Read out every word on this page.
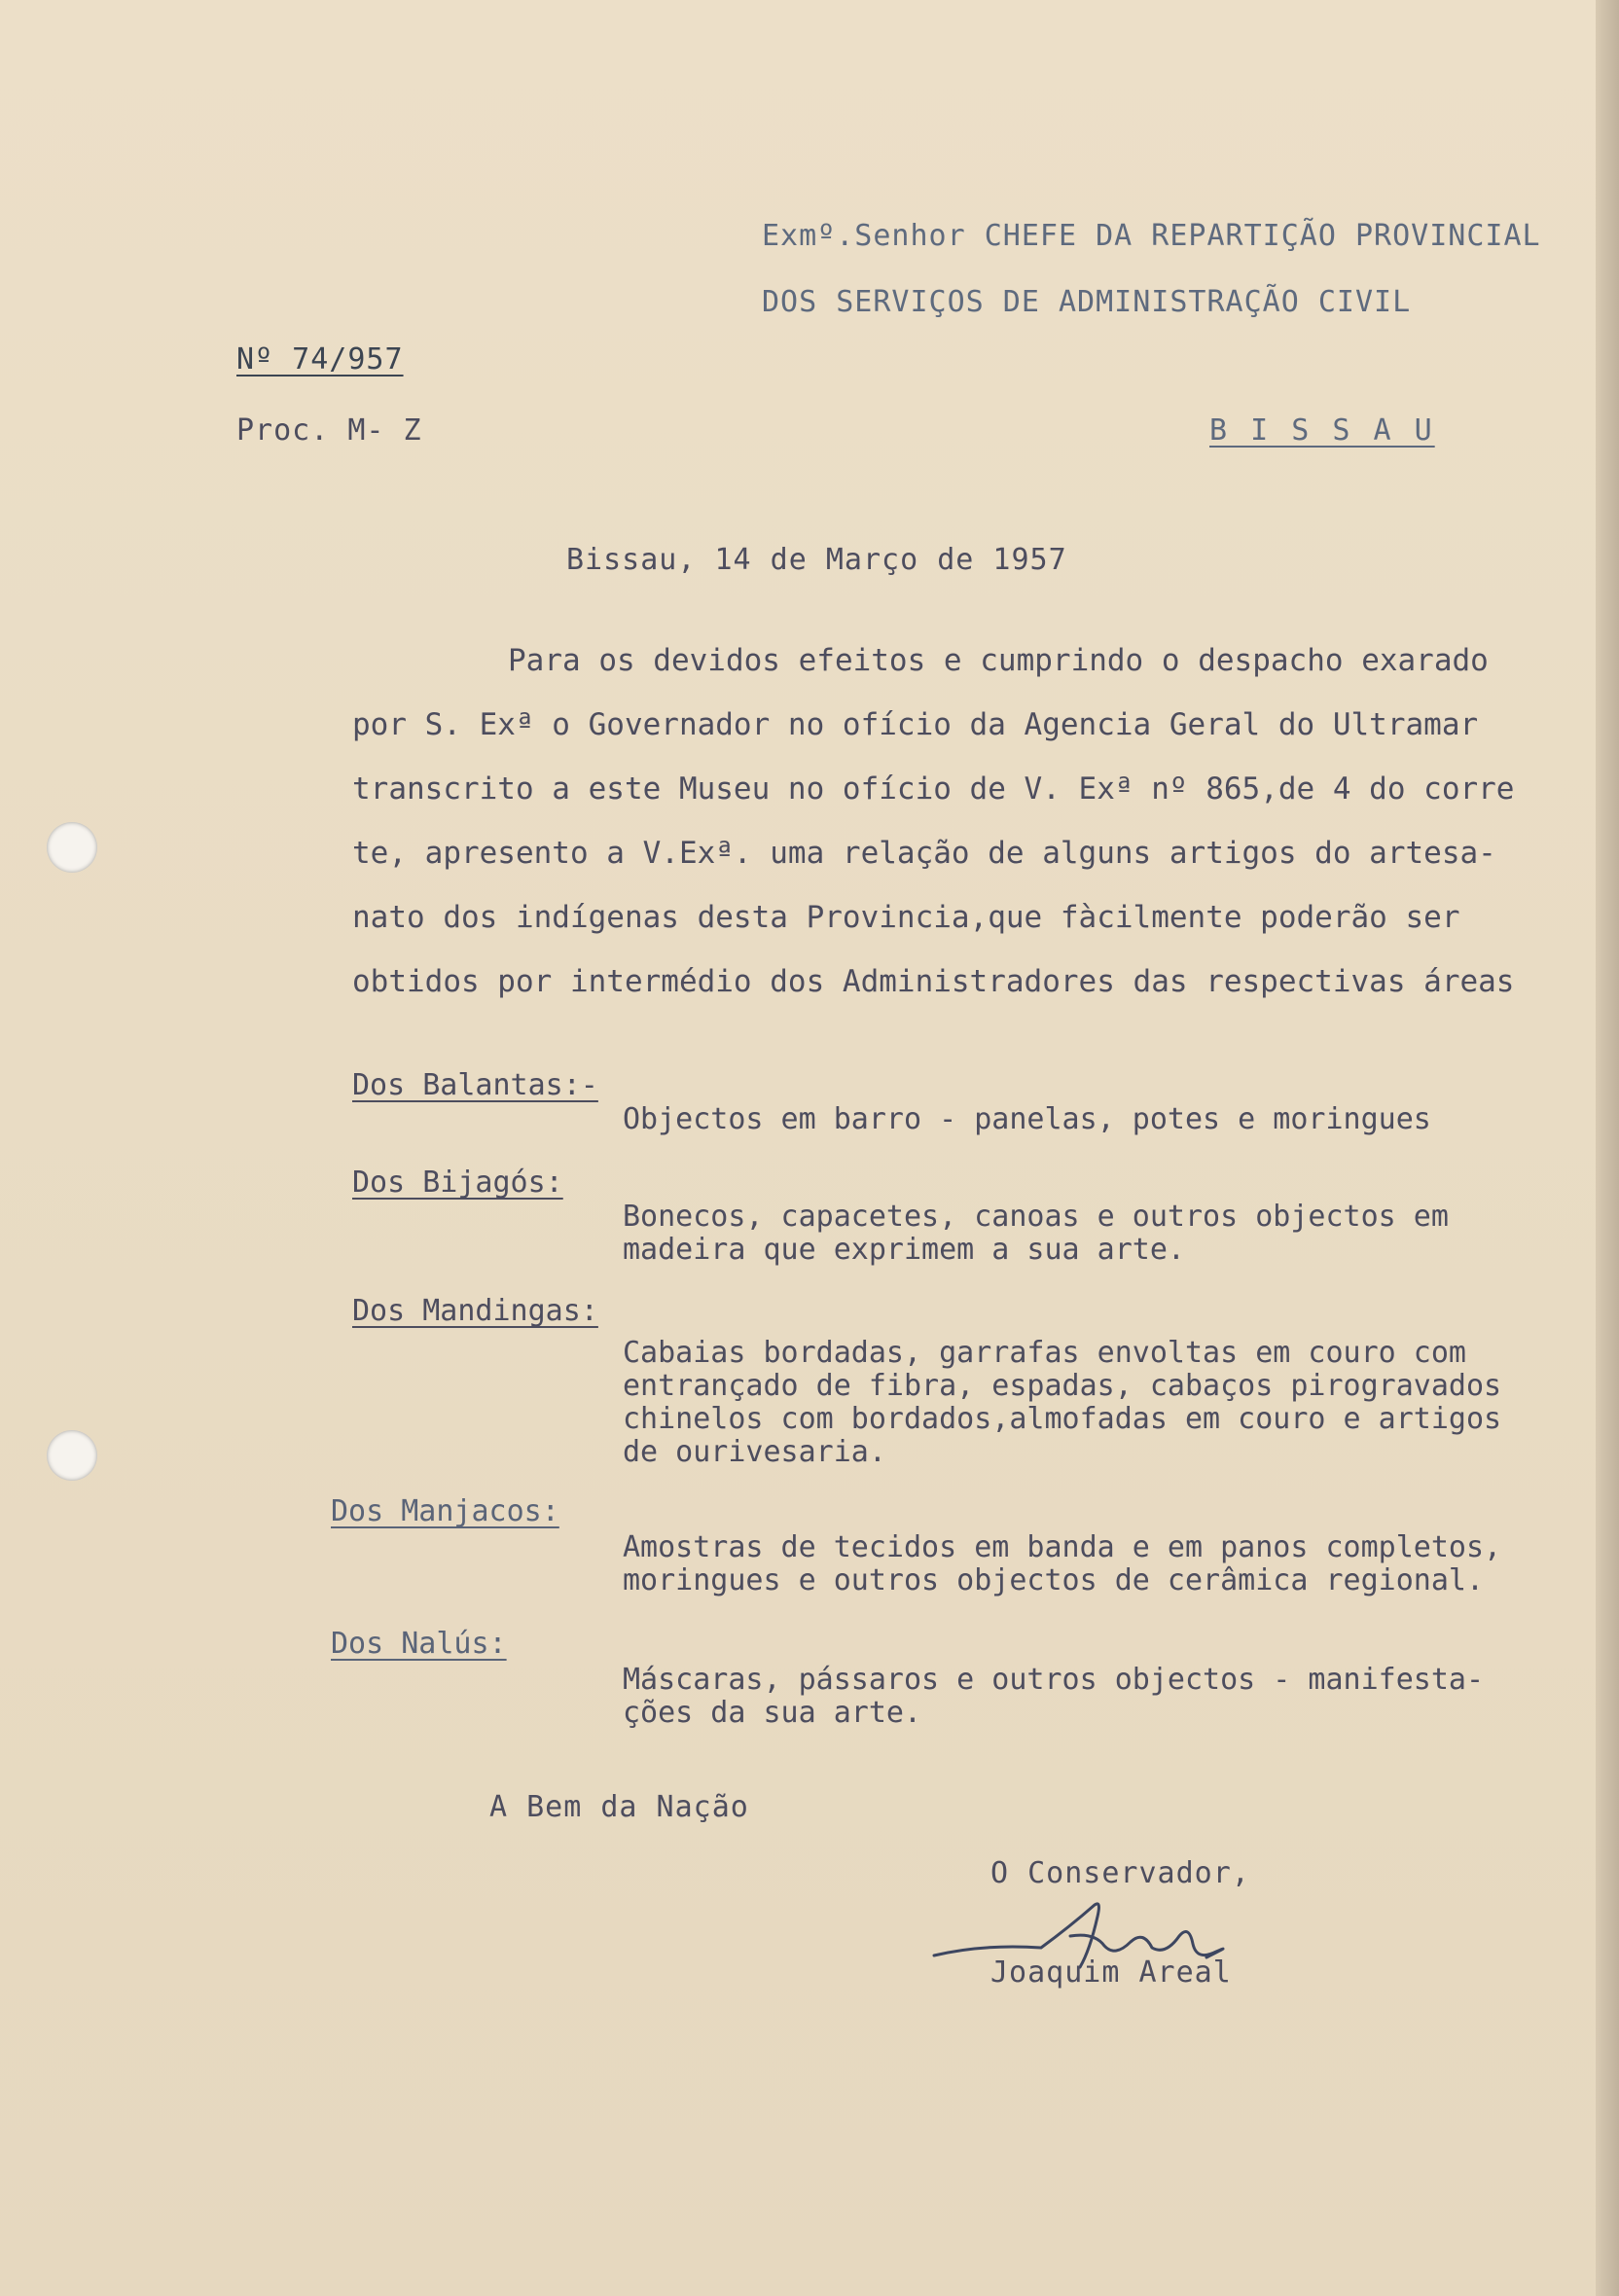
Exmº.Senhor CHEFE DA REPARTIÇÃO PROVINCIAL
DOS SERVIÇOS DE ADMINISTRAÇÃO CIVIL
Nº 74/957
Proc. M- Z	B I S S A U
Bissau, 14 de Março de 1957
Para os devidos efeitos e cumprindo o despacho exarado
por S. Exª o Governador no ofício da Agencia Geral do Ultramar
transcrito a este Museu no ofício de V. Exª nº 865,de 4 do corre
te, apresento a V.Exª. uma relação de alguns artigos do artesa-
nato dos indígenas desta Provincia,que fàcilmente poderão ser
obtidos por intermédio dos Administradores das respectivas áreas
Dos Balantas:-
Objectos em barro - panelas, potes e moringues
Dos Bijagós:
Bonecos, capacetes, canoas e outros objectos em
madeira que exprimem a sua arte.
Dos Mandingas:
Cabaias bordadas, garrafas envoltas em couro com
entrançado de fibra, espadas, cabaços pirogravados
chinelos com bordados,almofadas em couro e artigos
de ourivesaria.
Dos Manjacos:
Amostras de tecidos em banda e em panos completos,
moringues e outros objectos de cerâmica regional.
Dos Nalús:
Máscaras, pássaros e outros objectos - manifesta-
ções da sua arte.
A Bem da Nação
O Conservador,
Joaquim Areal
